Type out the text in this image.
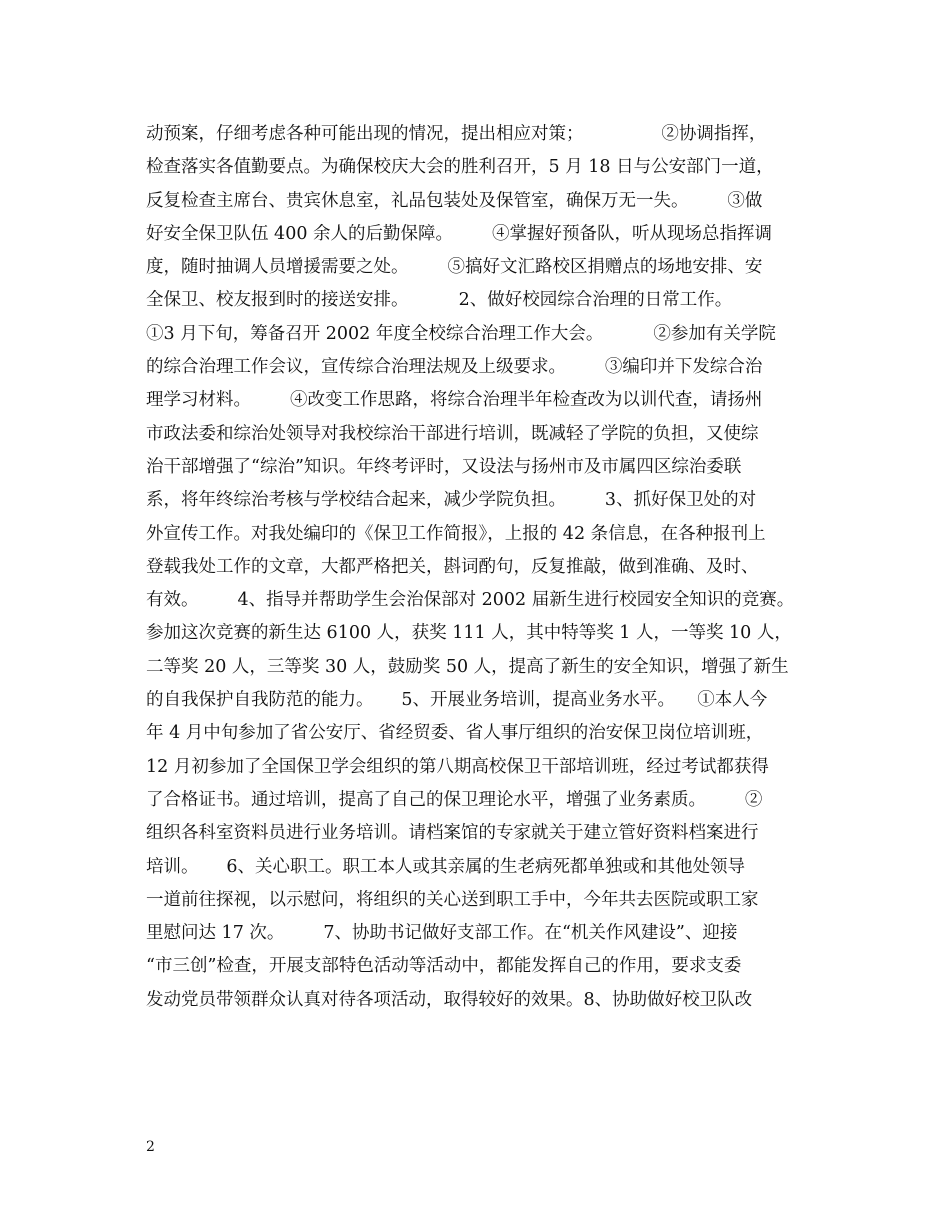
动预案，仔细考虑各种可能出现的情况，提出相应对策；              ②协调指挥，
检查落实各值勤要点。为确保校庆大会的胜利召开，5 月 18 日与公安部门一道，
反复检查主席台、贵宾休息室，礼品包装处及保管室，确保万无一失。       ③做
好安全保卫队伍 400 余人的后勤保障。       ④掌握好预备队，听从现场总指挥调
度，随时抽调人员增援需要之处。       ⑤搞好文汇路校区捐赠点的场地安排、安
全保卫、校友报到时的接送安排。         2、做好校园综合治理的日常工作。
①3 月下旬，筹备召开 2002 年度全校综合治理工作大会。         ②参加有关学院
的综合治理工作会议，宣传综合治理法规及上级要求。       ③编印并下发综合治
理学习材料。       ④改变工作思路，将综合治理半年检查改为以训代查，请扬州
市政法委和综治处领导对我校综治干部进行培训，既减轻了学院的负担，又使综
治干部增强了“综治”知识。年终考评时，又设法与扬州市及市属四区综治委联
系，将年终综治考核与学校结合起来，减少学院负担。       3、抓好保卫处的对
外宣传工作。对我处编印的《保卫工作简报》，上报的 42 条信息，在各种报刊上
登载我处工作的文章，大都严格把关，斟词酌句，反复推敲，做到准确、及时、
有效。       4、指导并帮助学生会治保部对 2002 届新生进行校园安全知识的竞赛。
参加这次竞赛的新生达 6100 人，获奖 111 人，其中特等奖 1 人，一等奖 10 人，
二等奖 20 人，三等奖 30 人，鼓励奖 50 人，提高了新生的安全知识，增强了新生
的自我保护自我防范的能力。     5、开展业务培训，提高业务水平。    ①本人今
年 4 月中旬参加了省公安厅、省经贸委、省人事厅组织的治安保卫岗位培训班，
12 月初参加了全国保卫学会组织的第八期高校保卫干部培训班，经过考试都获得
了合格证书。通过培训，提高了自己的保卫理论水平，增强了业务素质。       ②
组织各科室资料员进行业务培训。请档案馆的专家就关于建立管好资料档案进行
培训。     6、关心职工。职工本人或其亲属的生老病死都单独或和其他处领导
一道前往探视，以示慰问，将组织的关心送到职工手中，今年共去医院或职工家
里慰问达 17 次。       7、协助书记做好支部工作。在“机关作风建设”、迎接
“市三创”检查，开展支部特色活动等活动中，都能发挥自己的作用，要求支委
发动党员带领群众认真对待各项活动，取得较好的效果。8、协助做好校卫队改
2
